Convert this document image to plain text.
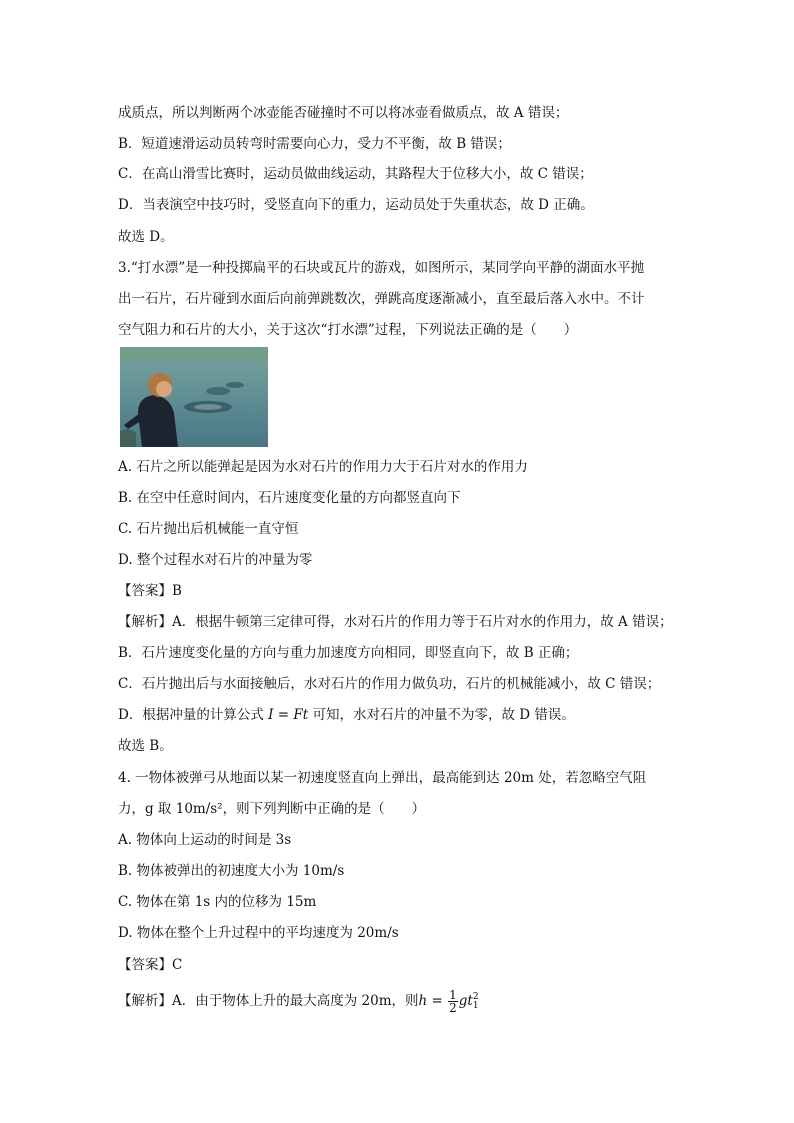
成质点，所以判断两个冰壶能否碰撞时不可以将冰壶看做质点，故 A 错误；
B．短道速滑运动员转弯时需要向心力，受力不平衡，故 B 错误；
C．在高山滑雪比赛时，运动员做曲线运动，其路程大于位移大小，故 C 错误；
D．当表演空中技巧时，受竖直向下的重力，运动员处于失重状态，故 D 正确。
故选 D。
3.“打水漂”是一种投掷扁平的石块或瓦片的游戏，如图所示，某同学向平静的湖面水平抛
出一石片，石片碰到水面后向前弹跳数次，弹跳高度逐渐减小，直至最后落入水中。不计
空气阻力和石片的大小，关于这次“打水漂”过程，下列说法正确的是（　　）
A. 石片之所以能弹起是因为水对石片的作用力大于石片对水的作用力
B. 在空中任意时间内，石片速度变化量的方向都竖直向下
C. 石片抛出后机械能一直守恒
D. 整个过程水对石片的冲量为零
【答案】B
【解析】A．根据牛顿第三定律可得，水对石片的作用力等于石片对水的作用力，故 A 错误；
B．石片速度变化量的方向与重力加速度方向相同，即竖直向下，故 B 正确；
C．石片抛出后与水面接触后，水对石片的作用力做负功，石片的机械能减小，故 C 错误；
D．根据冲量的计算公式 I = Ft 可知，水对石片的冲量不为零，故 D 错误。
故选 B。
4. 一物体被弹弓从地面以某一初速度竖直向上弹出，最高能到达 20m 处，若忽略空气阻
力，g 取 10m/s²，则下列判断中正确的是（　　）
A. 物体向上运动的时间是 3s
B. 物体被弹出的初速度大小为 10m/s
C. 物体在第 1s 内的位移为 15m
D. 物体在整个上升过程中的平均速度为 20m/s
【答案】C
【解析】A．由于物体上升的最大高度为 20m，则$h = \frac{1}{2}$ gt 2
1
